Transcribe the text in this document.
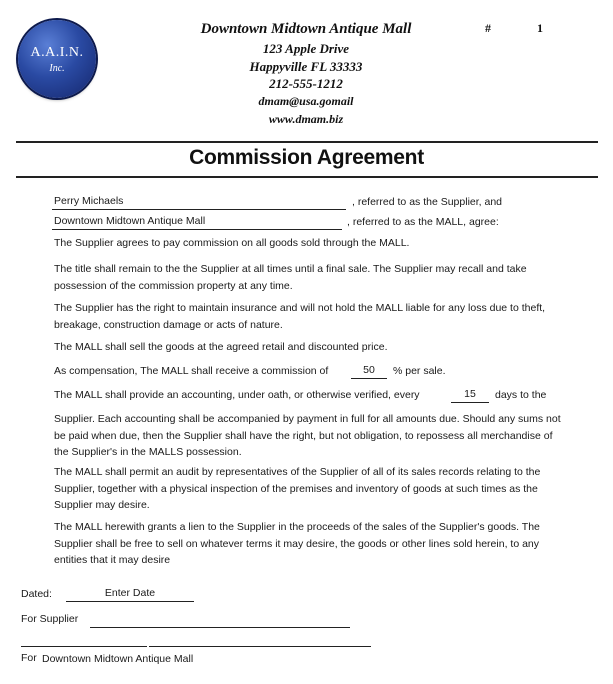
A.A.I.N.
Inc.
Downtown Midtown Antique Mall
123 Apple Drive
Happyville FL 33333
212-555-1212
dmam@usa.gomail
www.dmam.biz
#	1
Commission Agreement
Perry Michaels	, referred to as the Supplier, and
Downtown Midtown Antique Mall	, referred to as the MALL, agree:
The Supplier agrees to pay commission on all goods sold through the MALL.
The title shall remain to the the Supplier at all times until a final sale. The Supplier may recall and take possession of the commission property at any time.
The Supplier has the right to maintain insurance and will not hold the MALL liable for any loss due to theft, breakage, construction damage or acts of nature.
The MALL shall sell the goods at the agreed retail and discounted price.
As compensation, The MALL shall receive a commission of	50	% per sale.
The MALL shall provide an accounting, under oath, or otherwise verified, every	15	days to the
Supplier. Each accounting shall be accompanied by payment in full for all amounts due. Should any sums not be paid when due, then the Supplier shall have the right, but not obligation, to repossess all merchandise of the Supplier's in the MALLS possession.
The MALL shall permit an audit by representatives of the Supplier of all of its sales records relating to the Supplier, together with a physical inspection of the premises and inventory of goods at such times as the Supplier may desire.
The MALL herewith grants a lien to the Supplier in the proceeds of the sales of the Supplier's goods. The Supplier shall be free to sell on whatever terms it may desire, the goods or other lines sold herein, to any entities that it may desire
Dated:	Enter Date
For Supplier
For Downtown Midtown Antique Mall
